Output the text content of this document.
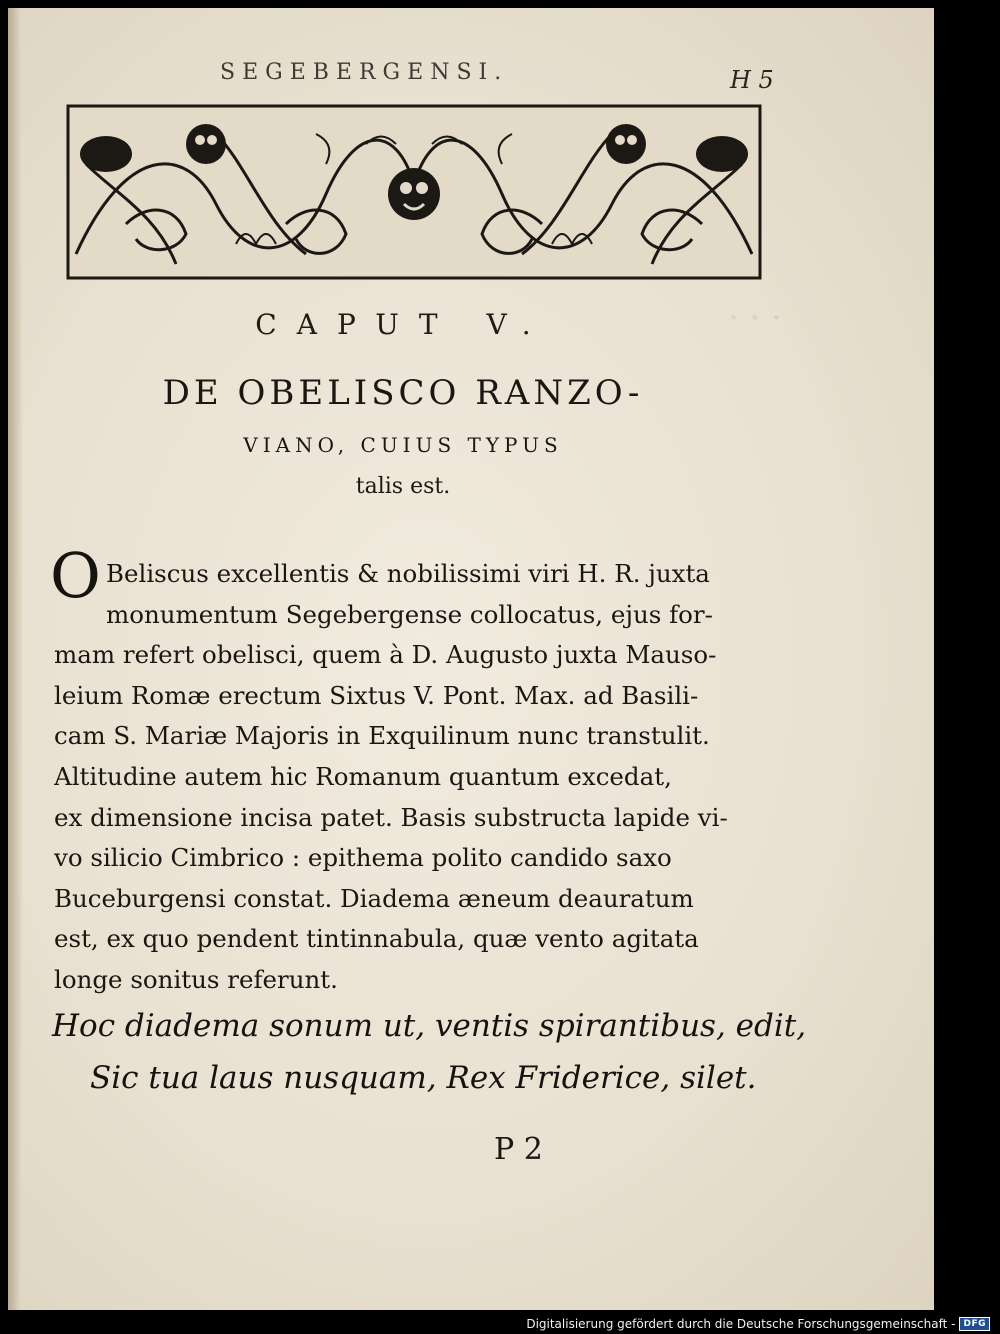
· · ·
SEGEBERGENSI.	H 5
CAPUT V.
DE OBELISCO RANZO-
VIANO, CUIUS TYPUS
talis est.
O Beliscus excellentis & nobilissimi viri H. R. juxta
monumentum Segebergense collocatus, ejus for-
mam refert obelisci, quem à D. Augusto juxta Mauso-
leium Romæ erectum Sixtus V. Pont. Max. ad Basili-
cam S. Mariæ Majoris in Exquilinum nunc transtulit.
Altitudine autem hic Romanum quantum excedat,
ex dimensione incisa patet. Basis substructa lapide vi-
vo silicio Cimbrico : epithema polito candido saxo
Buceburgensi constat. Diadema æneum deauratum
est, ex quo pendent tintinnabula, quæ vento agitata
longe sonitus referunt.
Hoc diadema sonum ut, ventis spirantibus, edit,
Sic tua laus nusquam, Rex Friderice, silet.
P 2
Digitalisierung gefördert durch die Deutsche Forschungsgemeinschaft - DFG
